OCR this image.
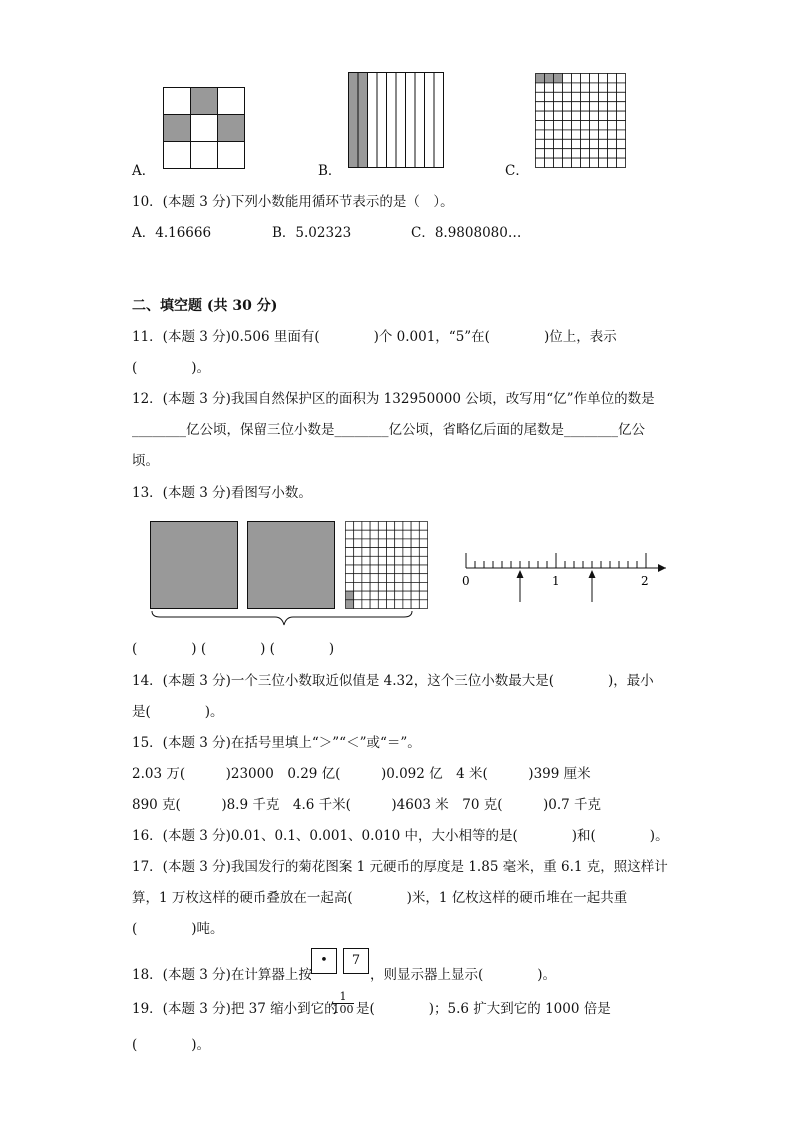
A．	B．	C．
10．(本题 3 分)下列小数能用循环节表示的是（　）。
A．4.16666	B．5.02323	C．8.9808080…
二、填空题 (共 30 分)
11．(本题 3 分)0.506 里面有(　　　　)个 0.001，“5”在(　　　　)位上，表示
(　　　　)。
12．(本题 3 分)我国自然保护区的面积为 132950000 公顷，改写用“亿”作单位的数是
________亿公顷，保留三位小数是________亿公顷，省略亿后面的尾数是________亿公
顷。
13．(本题 3 分)看图写小数。
0	1	2
(　　　　) (　　　　) (　　　　)
14．(本题 3 分)一个三位小数取近似值是 4.32，这个三位小数最大是(　　　　)，最小
是(　　　　)。
15．(本题 3 分)在括号里填上“＞”“＜”或“＝”。
2.03 万(　　　)23000　0.29 亿(　　　)0.092 亿　4 米(　　　)399 厘米
890 克(　　　)8.9 千克　4.6 千米(　　　)4603 米　70 克(　　　)0.7 千克
16．(本题 3 分)0.01、0.1、0.001、0.010 中，大小相等的是(　　　　)和(　　　　)。
17．(本题 3 分)我国发行的菊花图案 1 元硬币的厚度是 1.85 毫米，重 6.1 克，照这样计
算，1 万枚这样的硬币叠放在一起高(　　　　)米，1 亿枚这样的硬币堆在一起共重
(　　　　)吨。
18．(本题 3 分)在计算器上按
•	7
，则显示器上显示(　　　　)。
19．(本题 3 分)把 37 缩小到它的
$\frac{1}{100}$ 是(　　　　)；5.6 扩大到它的 1000 倍是
(　　　　)。
